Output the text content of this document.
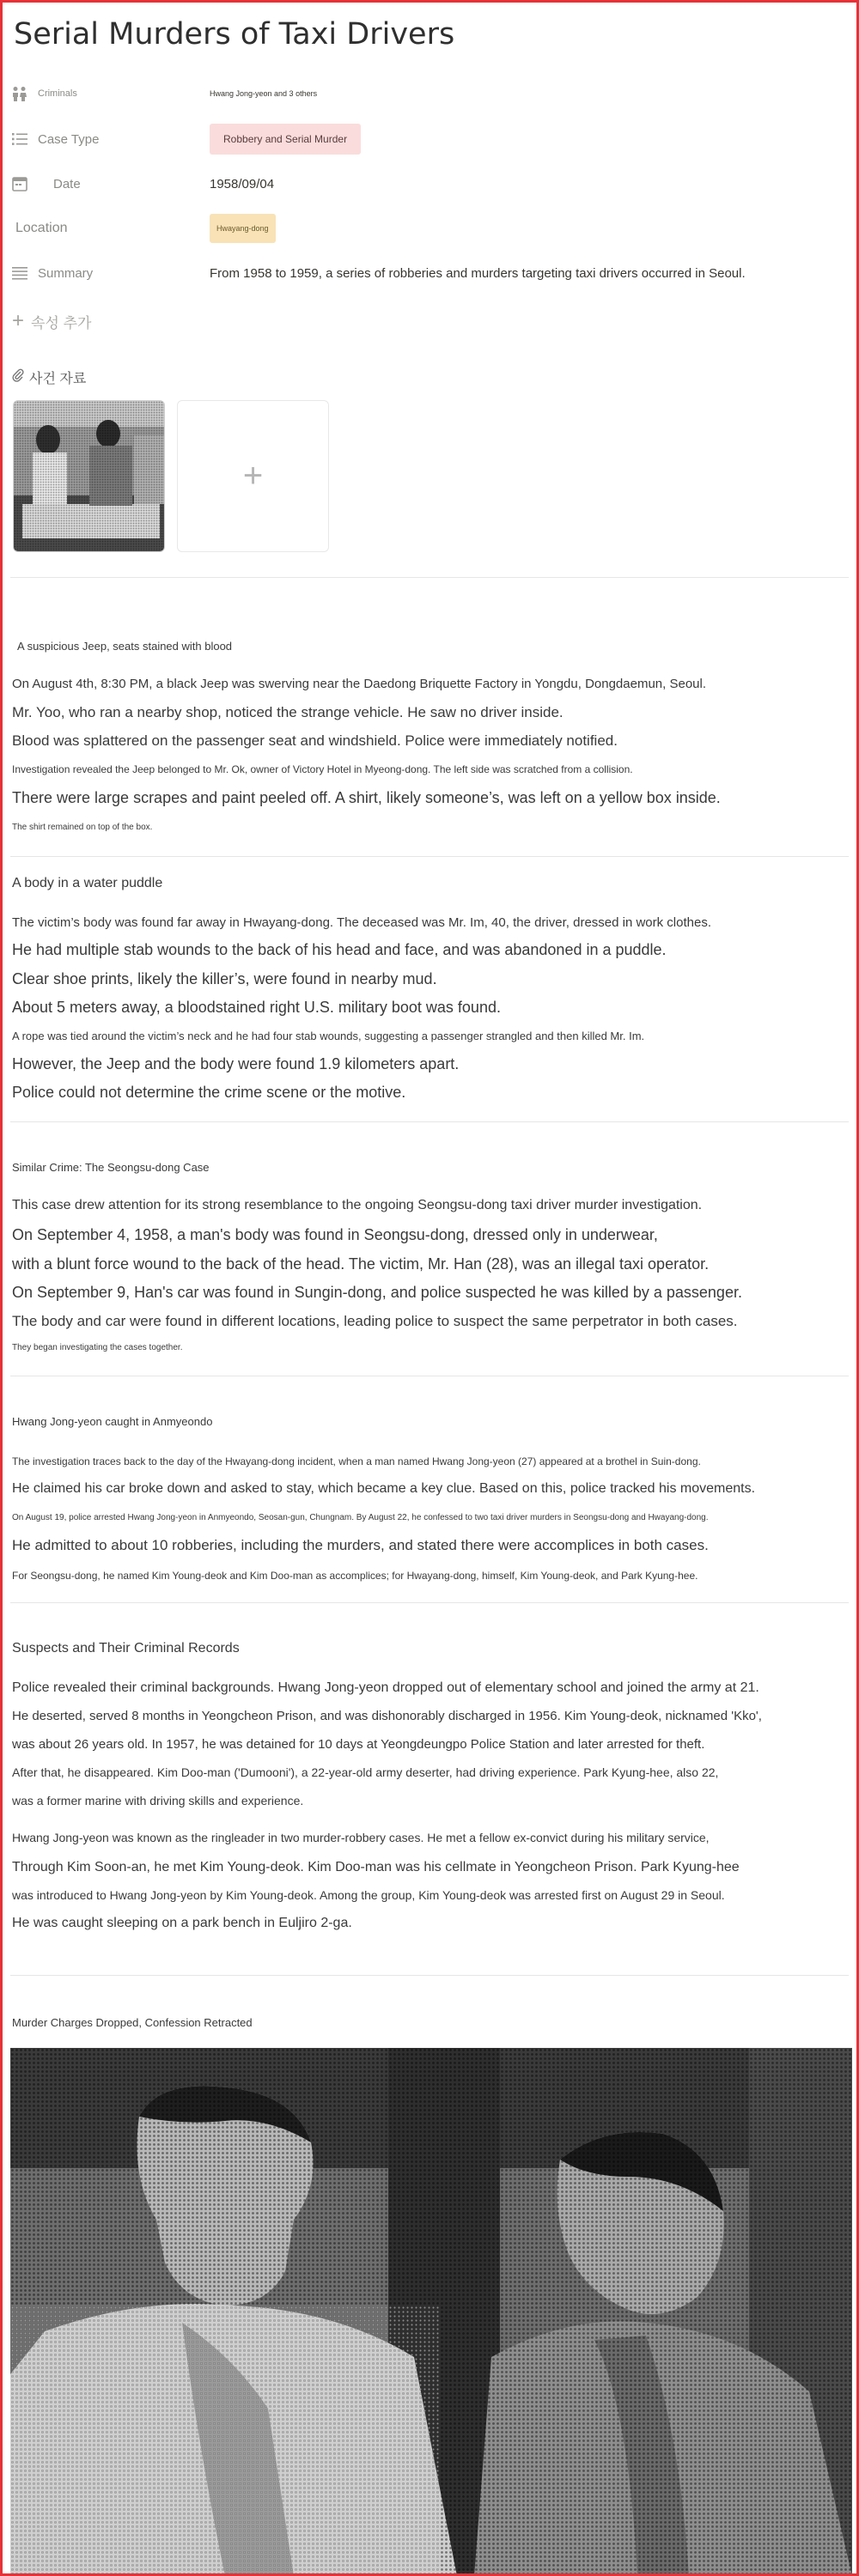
Serial Murders of Taxi Drivers
Criminals	Hwang Jong-yeon and 3 others
Case Type	Robbery and Serial Murder
Date	1958/09/04
Location	Hwayang-dong
Summary	From 1958 to 1959, a series of robberies and murders targeting taxi drivers occurred in Seoul.
+ 속성 추가
사건 자료
+
A suspicious Jeep, seats stained with blood
On August 4th, 8:30 PM, a black Jeep was swerving near the Daedong Briquette Factory in Yongdu, Dongdaemun, Seoul.
Mr. Yoo, who ran a nearby shop, noticed the strange vehicle. He saw no driver inside.
Blood was splattered on the passenger seat and windshield. Police were immediately notified.
Investigation revealed the Jeep belonged to Mr. Ok, owner of Victory Hotel in Myeong-dong. The left side was scratched from a collision.
There were large scrapes and paint peeled off. A shirt, likely someone’s, was left on a yellow box inside.
The shirt remained on top of the box.
A body in a water puddle
The victim’s body was found far away in Hwayang-dong. The deceased was Mr. Im, 40, the driver, dressed in work clothes.
He had multiple stab wounds to the back of his head and face, and was abandoned in a puddle.
Clear shoe prints, likely the killer’s, were found in nearby mud.
About 5 meters away, a bloodstained right U.S. military boot was found.
A rope was tied around the victim’s neck and he had four stab wounds, suggesting a passenger strangled and then killed Mr. Im.
However, the Jeep and the body were found 1.9 kilometers apart.
Police could not determine the crime scene or the motive.
Similar Crime: The Seongsu-dong Case
This case drew attention for its strong resemblance to the ongoing Seongsu-dong taxi driver murder investigation.
On September 4, 1958, a man's body was found in Seongsu-dong, dressed only in underwear,
with a blunt force wound to the back of the head. The victim, Mr. Han (28), was an illegal taxi operator.
On September 9, Han's car was found in Sungin-dong, and police suspected he was killed by a passenger.
The body and car were found in different locations, leading police to suspect the same perpetrator in both cases.
They began investigating the cases together.
Hwang Jong-yeon caught in Anmyeondo
The investigation traces back to the day of the Hwayang-dong incident, when a man named Hwang Jong-yeon (27) appeared at a brothel in Suin-dong.
He claimed his car broke down and asked to stay, which became a key clue. Based on this, police tracked his movements.
On August 19, police arrested Hwang Jong-yeon in Anmyeondo, Seosan-gun, Chungnam. By August 22, he confessed to two taxi driver murders in Seongsu-dong and Hwayang-dong.
He admitted to about 10 robberies, including the murders, and stated there were accomplices in both cases.
For Seongsu-dong, he named Kim Young-deok and Kim Doo-man as accomplices; for Hwayang-dong, himself, Kim Young-deok, and Park Kyung-hee.
Suspects and Their Criminal Records
Police revealed their criminal backgrounds. Hwang Jong-yeon dropped out of elementary school and joined the army at 21.
He deserted, served 8 months in Yeongcheon Prison, and was dishonorably discharged in 1956. Kim Young-deok, nicknamed 'Kko',
was about 26 years old. In 1957, he was detained for 10 days at Yeongdeungpo Police Station and later arrested for theft.
After that, he disappeared. Kim Doo-man ('Dumooni'), a 22-year-old army deserter, had driving experience. Park Kyung-hee, also 22,
was a former marine with driving skills and experience.
Hwang Jong-yeon was known as the ringleader in two murder-robbery cases. He met a fellow ex-convict during his military service,
Through Kim Soon-an, he met Kim Young-deok. Kim Doo-man was his cellmate in Yeongcheon Prison. Park Kyung-hee
was introduced to Hwang Jong-yeon by Kim Young-deok. Among the group, Kim Young-deok was arrested first on August 29 in Seoul.
He was caught sleeping on a park bench in Euljiro 2-ga.
Murder Charges Dropped, Confession Retracted
